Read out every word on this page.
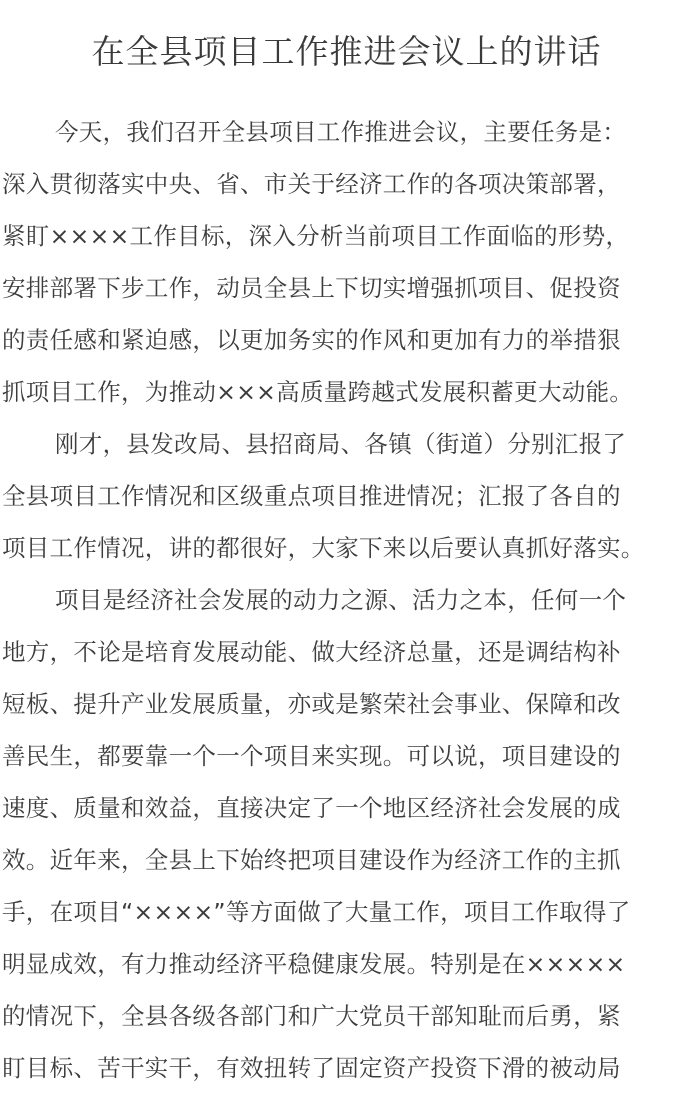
在全县项目工作推进会议上的讲话
今天，我们召开全县项目工作推进会议，主要任务是：
深入贯彻落实中央、省、市关于经济工作的各项决策部署，
紧盯××××工作目标，深入分析当前项目工作面临的形势，
安排部署下步工作，动员全县上下切实增强抓项目、促投资
的责任感和紧迫感，以更加务实的作风和更加有力的举措狠
抓项目工作，为推动×××高质量跨越式发展积蓄更大动能。
刚才，县发改局、县招商局、各镇（街道）分别汇报了
全县项目工作情况和区级重点项目推进情况；汇报了各自的
项目工作情况，讲的都很好，大家下来以后要认真抓好落实。
项目是经济社会发展的动力之源、活力之本，任何一个
地方，不论是培育发展动能、做大经济总量，还是调结构补
短板、提升产业发展质量，亦或是繁荣社会事业、保障和改
善民生，都要靠一个一个项目来实现。可以说，项目建设的
速度、质量和效益，直接决定了一个地区经济社会发展的成
效。近年来，全县上下始终把项目建设作为经济工作的主抓
手，在项目“××××”等方面做了大量工作，项目工作取得了
明显成效，有力推动经济平稳健康发展。特别是在×××××
的情况下，全县各级各部门和广大党员干部知耻而后勇，紧
盯目标、苦干实干，有效扭转了固定资产投资下滑的被动局
